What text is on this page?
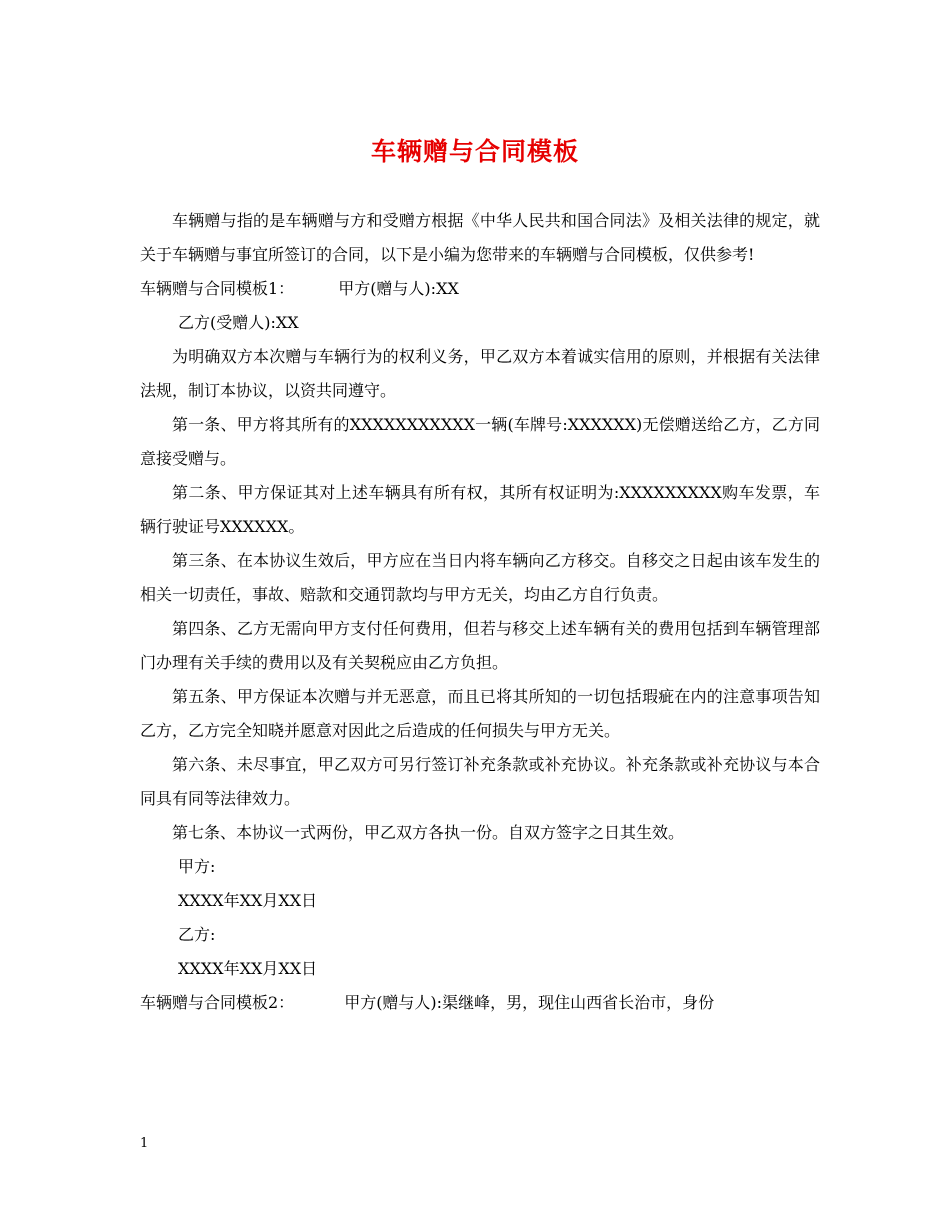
车辆赠与合同模板

车辆赠与指的是车辆赠与方和受赠方根据《中华人民共和国合同法》及相关法律的规定，就关于车辆赠与事宜所签订的合同，以下是小编为您带来的车辆赠与合同模板，仅供参考!

车辆赠与合同模板1：	甲方(赠与人):XX

乙方(受赠人):XX

为明确双方本次赠与车辆行为的权利义务，甲乙双方本着诚实信用的原则，并根据有关法律法规，制订本协议，以资共同遵守。

第一条、甲方将其所有的XXXXXXXXXXX一辆(车牌号:XXXXXX)无偿赠送给乙方，乙方同意接受赠与。

第二条、甲方保证其对上述车辆具有所有权，其所有权证明为:XXXXXXXXX购车发票，车辆行驶证号XXXXXX。

第三条、在本协议生效后，甲方应在当日内将车辆向乙方移交。自移交之日起由该车发生的相关一切责任，事故、赔款和交通罚款均与甲方无关，均由乙方自行负责。

第四条、乙方无需向甲方支付任何费用，但若与移交上述车辆有关的费用包括到车辆管理部门办理有关手续的费用以及有关契税应由乙方负担。

第五条、甲方保证本次赠与并无恶意，而且已将其所知的一切包括瑕疵在内的注意事项告知乙方，乙方完全知晓并愿意对因此之后造成的任何损失与甲方无关。

第六条、未尽事宜，甲乙双方可另行签订补充条款或补充协议。补充条款或补充协议与本合同具有同等法律效力。

第七条、本协议一式两份，甲乙双方各执一份。自双方签字之日其生效。

甲方:

XXXX年XX月XX日

乙方:

XXXX年XX月XX日

车辆赠与合同模板2：	甲方(赠与人):渠继峰，男，现住山西省长治市，身份

1
